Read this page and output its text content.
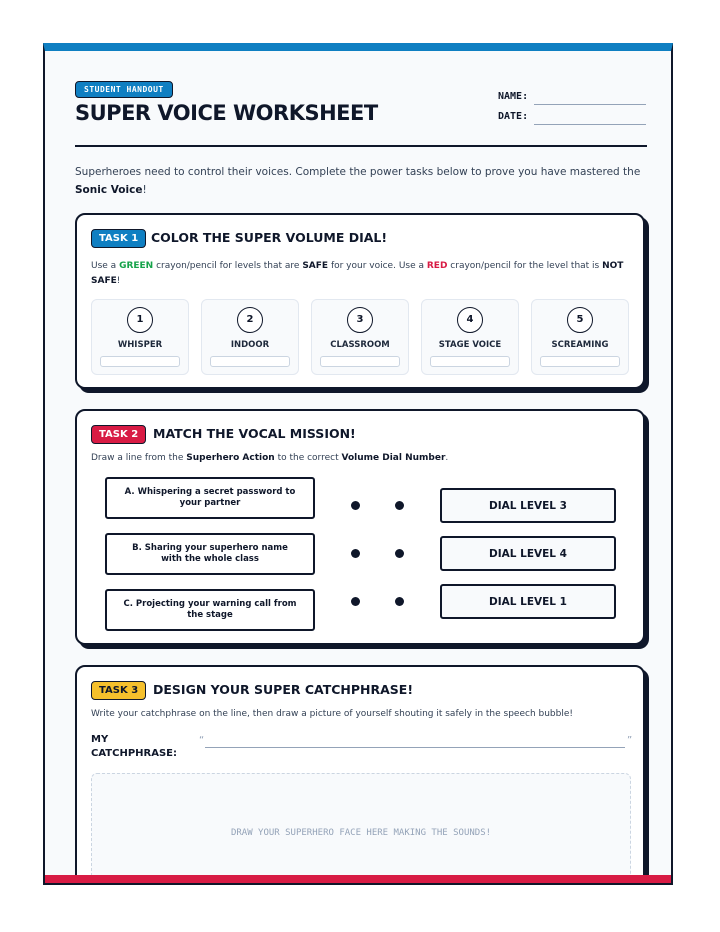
STUDENT HANDOUT
SUPER VOICE WORKSHEET
NAME:
DATE:
Superheroes need to control their voices. Complete the power tasks below to prove you have mastered the Sonic Voice!
TASK 1	COLOR THE SUPER VOLUME DIAL!
Use a GREEN crayon/pencil for levels that are SAFE for your voice. Use a RED crayon/pencil for the level that is NOT SAFE!
1
WHISPER
2
INDOOR
3
CLASSROOM
4
STAGE VOICE
5
SCREAMING
TASK 2	MATCH THE VOCAL MISSION!
Draw a line from the Superhero Action to the correct Volume Dial Number.
A. Whispering a secret password to your partner
B. Sharing your superhero name with the whole class
C. Projecting your warning call from the stage
DIAL LEVEL 3
DIAL LEVEL 4
DIAL LEVEL 1
TASK 3	DESIGN YOUR SUPER CATCHPHRASE!
Write your catchphrase on the line, then draw a picture of yourself shouting it safely in the speech bubble!
MY
CATCHPHRASE:
“	”
DRAW YOUR SUPERHERO FACE HERE MAKING THE SOUNDS!
